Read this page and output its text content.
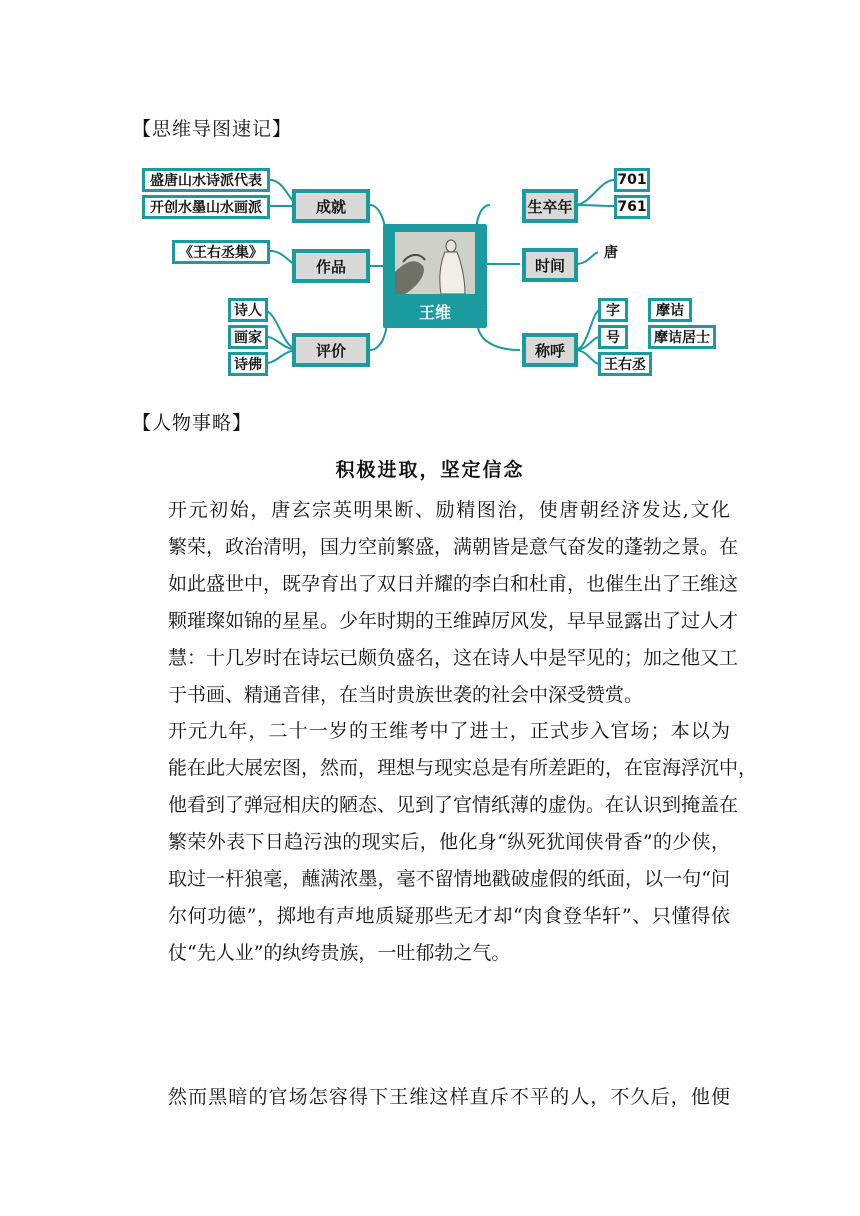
【思维导图速记】
盛唐山水诗派代表
开创水墨山水画派	成就
《王右丞集》
作品
诗人
画家
诗佛
评价
王维
生卒年
701
761
时间
唐
称呼
字	摩诘
号	摩诘居士
王右丞
【人物事略】
积极进取，坚定信念
开元初始，唐玄宗英明果断、励精图治，使唐朝经济发达,文化
繁荣，政治清明，国力空前繁盛，满朝皆是意气奋发的蓬勃之景。在
如此盛世中，既孕育出了双日并耀的李白和杜甫，也催生出了王维这
颗璀璨如锦的星星。少年时期的王维踔厉风发，早早显露出了过人才
慧：十几岁时在诗坛已颇负盛名，这在诗人中是罕见的；加之他又工
于书画、精通音律，在当时贵族世袭的社会中深受赞赏。
开元九年，二十一岁的王维考中了进士，正式步入官场；本以为
能在此大展宏图，然而，理想与现实总是有所差距的，在宦海浮沉中，
他看到了弹冠相庆的陋态、见到了官情纸薄的虚伪。在认识到掩盖在
繁荣外表下日趋污浊的现实后，他化身“纵死犹闻侠骨香”的少侠，
取过一杆狼毫，蘸满浓墨，毫不留情地戳破虚假的纸面，以一句“问
尔何功德”，掷地有声地质疑那些无才却“肉食登华轩”、只懂得依
仗“先人业”的纨绔贵族，一吐郁勃之气。
然而黑暗的官场怎容得下王维这样直斥不平的人，不久后，他便
